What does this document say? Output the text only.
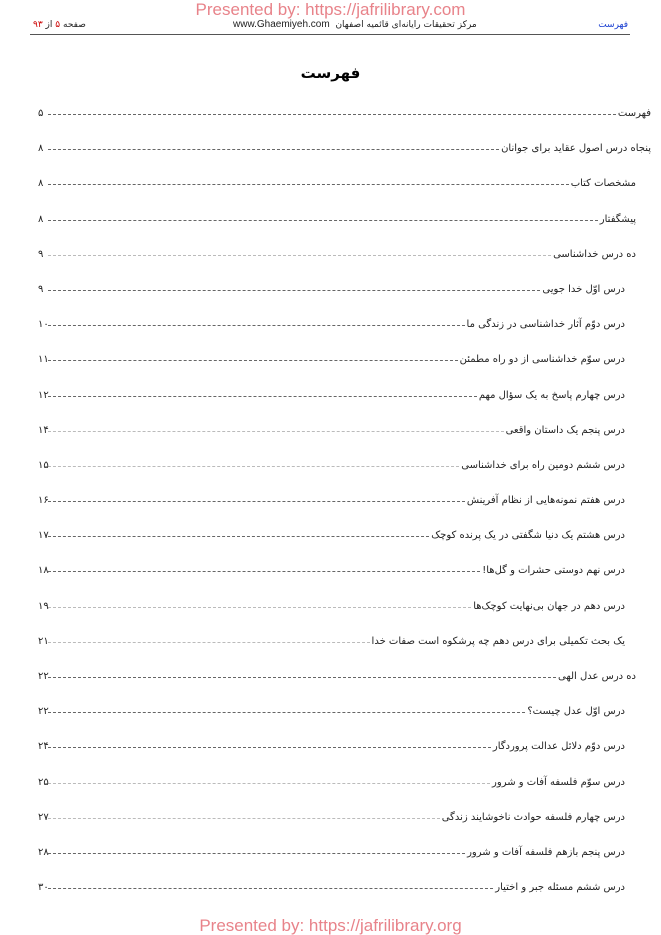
Presented by: https://jafrilibrary.com
صفحه ۵ از ۹۳	www.Ghaemiyeh.com مرکز تحقیقات رایانه‌ای قائمیه اصفهان	فهرست
فهرست
فهرست
۵
پنجاه درس اصول عقاید برای جوانان
۸
مشخصات کتاب
۸
پیشگفتار
۸
ده درس خداشناسی
۹
درس اوّل خدا جویی
۹
درس دوّم آثار خداشناسی در زندگی ما
۱۰
درس سوّم خداشناسی از دو راه مطمئن
۱۱
درس چهارم پاسخ به یک سؤال مهم
۱۲
درس پنجم یک داستان واقعی
۱۴
درس ششم دومین راه برای خداشناسی
۱۵
درس هفتم نمونه‌هایی از نظام آفرینش
۱۶
درس هشتم یک دنیا شگفتی در یک پرنده کوچک
۱۷
درس نهم دوستی حشرات و گل‌ها!
۱۸
درس دهم در جهان بی‌نهایت کوچک‌ها
۱۹
یک بحث تکمیلی برای درس دهم چه پرشکوه است صفات خدا
۲۱
ده درس عدل الهی
۲۲
درس اوّل عدل چیست؟
۲۲
درس دوّم دلائل عدالت پروردگار
۲۴
درس سوّم فلسفه آفات و شرور
۲۵
درس چهارم فلسفه حوادث ناخوشایند زندگی
۲۷
درس پنجم بازهم فلسفه آفات و شرور
۲۸
درس ششم مسئله جبر و اختیار
۳۰
Presented by: https://jafrilibrary.org
